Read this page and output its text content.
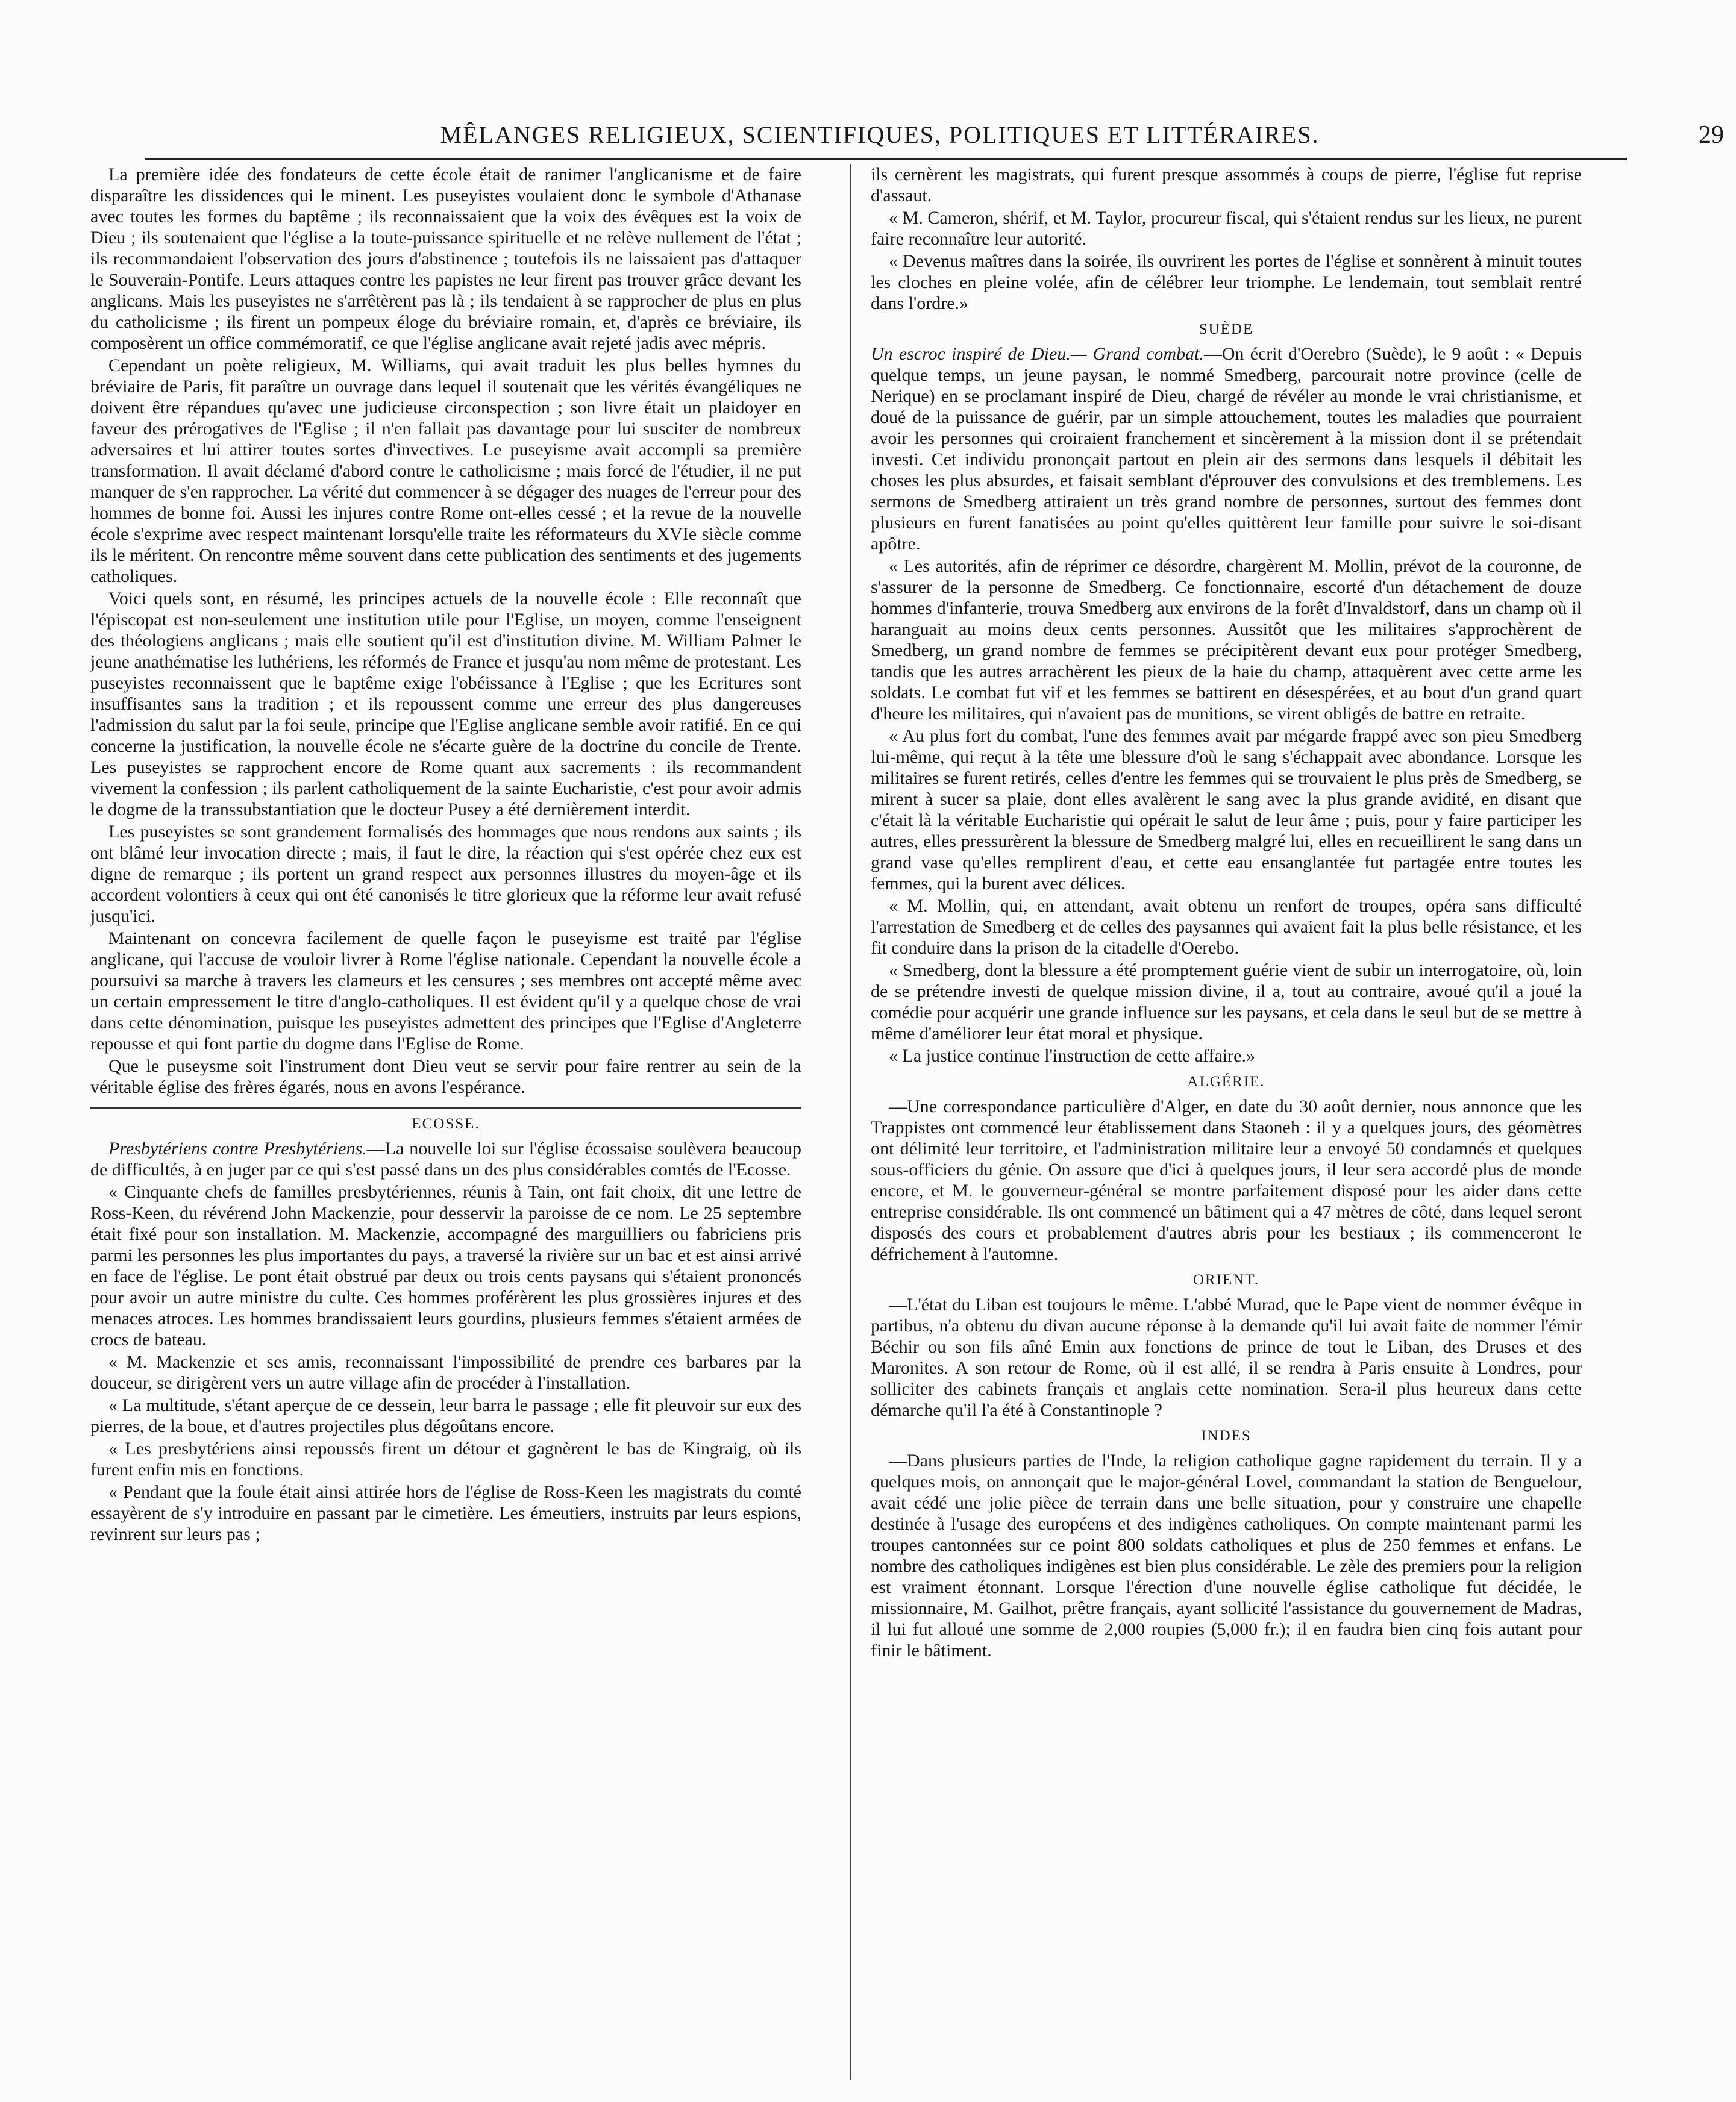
MÊLANGES RELIGIEUX, SCIENTIFIQUES, POLITIQUES ET LITTÉRAIRES.	29

La première idée des fondateurs de cette école était de ranimer l'anglicanisme et de faire disparaître les dissidences qui le minent. Les puseyistes voulaient donc le symbole d'Athanase avec toutes les formes du baptême ; ils reconnaissaient que la voix des évêques est la voix de Dieu ; ils soutenaient que l'église a la toute-puissance spirituelle et ne relève nullement de l'état ; ils recommandaient l'observation des jours d'abstinence ; toutefois ils ne laissaient pas d'attaquer le Souverain-Pontife. Leurs attaques contre les papistes ne leur firent pas trouver grâce devant les anglicans. Mais les puseyistes ne s'arrêtèrent pas là ; ils tendaient à se rapprocher de plus en plus du catholicisme ; ils firent un pompeux éloge du bréviaire romain, et, d'après ce bréviaire, ils composèrent un office commémoratif, ce que l'église anglicane avait rejeté jadis avec mépris.

Cependant un poète religieux, M. Williams, qui avait traduit les plus belles hymnes du bréviaire de Paris, fit paraître un ouvrage dans lequel il soutenait que les vérités évangéliques ne doivent être répandues qu'avec une judicieuse circonspection ; son livre était un plaidoyer en faveur des prérogatives de l'Eglise ; il n'en fallait pas davantage pour lui susciter de nombreux adversaires et lui attirer toutes sortes d'invectives. Le puseyisme avait accompli sa première transformation. Il avait déclamé d'abord contre le catholicisme ; mais forcé de l'étudier, il ne put manquer de s'en rapprocher. La vérité dut commencer à se dégager des nuages de l'erreur pour des hommes de bonne foi. Aussi les injures contre Rome ont-elles cessé ; et la revue de la nouvelle école s'exprime avec respect maintenant lorsqu'elle traite les réformateurs du XVIe siècle comme ils le méritent. On rencontre même souvent dans cette publication des sentiments et des jugements catholiques.

Voici quels sont, en résumé, les principes actuels de la nouvelle école : Elle reconnaît que l'épiscopat est non-seulement une institution utile pour l'Eglise, un moyen, comme l'enseignent des théologiens anglicans ; mais elle soutient qu'il est d'institution divine. M. William Palmer le jeune anathématise les luthériens, les réformés de France et jusqu'au nom même de protestant. Les puseyistes reconnaissent que le baptême exige l'obéissance à l'Eglise ; que les Ecritures sont insuffisantes sans la tradition ; et ils repoussent comme une erreur des plus dangereuses l'admission du salut par la foi seule, principe que l'Eglise anglicane semble avoir ratifié. En ce qui concerne la justification, la nouvelle école ne s'écarte guère de la doctrine du concile de Trente. Les puseyistes se rapprochent encore de Rome quant aux sacrements : ils recommandent vivement la confession ; ils parlent catholiquement de la sainte Eucharistie, c'est pour avoir admis le dogme de la transsubstantiation que le docteur Pusey a été dernièrement interdit.

Les puseyistes se sont grandement formalisés des hommages que nous rendons aux saints ; ils ont blâmé leur invocation directe ; mais, il faut le dire, la réaction qui s'est opérée chez eux est digne de remarque ; ils portent un grand respect aux personnes illustres du moyen-âge et ils accordent volontiers à ceux qui ont été canonisés le titre glorieux que la réforme leur avait refusé jusqu'ici.

Maintenant on concevra facilement de quelle façon le puseyisme est traité par l'église anglicane, qui l'accuse de vouloir livrer à Rome l'église nationale. Cependant la nouvelle école a poursuivi sa marche à travers les clameurs et les censures ; ses membres ont accepté même avec un certain empressement le titre d'anglo-catholiques. Il est évident qu'il y a quelque chose de vrai dans cette dénomination, puisque les puseyistes admettent des principes que l'Eglise d'Angleterre repousse et qui font partie du dogme dans l'Eglise de Rome.

Que le puseysme soit l'instrument dont Dieu veut se servir pour faire rentrer au sein de la véritable église des frères égarés, nous en avons l'espérance.

ECOSSE.

Presbytériens contre Presbytériens.—La nouvelle loi sur l'église écossaise soulèvera beaucoup de difficultés, à en juger par ce qui s'est passé dans un des plus considérables comtés de l'Ecosse.

« Cinquante chefs de familles presbytériennes, réunis à Tain, ont fait choix, dit une lettre de Ross-Keen, du révérend John Mackenzie, pour desservir la paroisse de ce nom. Le 25 septembre était fixé pour son installation. M. Mackenzie, accompagné des marguilliers ou fabriciens pris parmi les personnes les plus importantes du pays, a traversé la rivière sur un bac et est ainsi arrivé en face de l'église. Le pont était obstrué par deux ou trois cents paysans qui s'étaient prononcés pour avoir un autre ministre du culte. Ces hommes proférèrent les plus grossières injures et des menaces atroces. Les hommes brandissaient leurs gourdins, plusieurs femmes s'étaient armées de crocs de bateau.

« M. Mackenzie et ses amis, reconnaissant l'impossibilité de prendre ces barbares par la douceur, se dirigèrent vers un autre village afin de procéder à l'installation.

« La multitude, s'étant aperçue de ce dessein, leur barra le passage ; elle fit pleuvoir sur eux des pierres, de la boue, et d'autres projectiles plus dégoûtans encore.

« Les presbytériens ainsi repoussés firent un détour et gagnèrent le bas de Kingraig, où ils furent enfin mis en fonctions.

« Pendant que la foule était ainsi attirée hors de l'église de Ross-Keen les magistrats du comté essayèrent de s'y introduire en passant par le cimetière. Les émeutiers, instruits par leurs espions, revinrent sur leurs pas ;

ils cernèrent les magistrats, qui furent presque assommés à coups de pierre, l'église fut reprise d'assaut.

« M. Cameron, shérif, et M. Taylor, procureur fiscal, qui s'étaient rendus sur les lieux, ne purent faire reconnaître leur autorité.

« Devenus maîtres dans la soirée, ils ouvrirent les portes de l'église et sonnèrent à minuit toutes les cloches en pleine volée, afin de célébrer leur triomphe. Le lendemain, tout semblait rentré dans l'ordre.»

SUÈDE

Un escroc inspiré de Dieu.— Grand combat.—On écrit d'Oerebro (Suède), le 9 août : « Depuis quelque temps, un jeune paysan, le nommé Smedberg, parcourait notre province (celle de Nerique) en se proclamant inspiré de Dieu, chargé de révéler au monde le vrai christianisme, et doué de la puissance de guérir, par un simple attouchement, toutes les maladies que pourraient avoir les personnes qui croiraient franchement et sincèrement à la mission dont il se prétendait investi. Cet individu prononçait partout en plein air des sermons dans lesquels il débitait les choses les plus absurdes, et faisait semblant d'éprouver des convulsions et des tremblemens. Les sermons de Smedberg attiraient un très grand nombre de personnes, surtout des femmes dont plusieurs en furent fanatisées au point qu'elles quittèrent leur famille pour suivre le soi-disant apôtre.

« Les autorités, afin de réprimer ce désordre, chargèrent M. Mollin, prévot de la couronne, de s'assurer de la personne de Smedberg. Ce fonctionnaire, escorté d'un détachement de douze hommes d'infanterie, trouva Smedberg aux environs de la forêt d'Invaldstorf, dans un champ où il haranguait au moins deux cents personnes. Aussitôt que les militaires s'approchèrent de Smedberg, un grand nombre de femmes se précipitèrent devant eux pour protéger Smedberg, tandis que les autres arrachèrent les pieux de la haie du champ, attaquèrent avec cette arme les soldats. Le combat fut vif et les femmes se battirent en désespérées, et au bout d'un grand quart d'heure les militaires, qui n'avaient pas de munitions, se virent obligés de battre en retraite.

« Au plus fort du combat, l'une des femmes avait par mégarde frappé avec son pieu Smedberg lui-même, qui reçut à la tête une blessure d'où le sang s'échappait avec abondance. Lorsque les militaires se furent retirés, celles d'entre les femmes qui se trouvaient le plus près de Smedberg, se mirent à sucer sa plaie, dont elles avalèrent le sang avec la plus grande avidité, en disant que c'était là la véritable Eucharistie qui opérait le salut de leur âme ; puis, pour y faire participer les autres, elles pressurèrent la blessure de Smedberg malgré lui, elles en recueillirent le sang dans un grand vase qu'elles remplirent d'eau, et cette eau ensanglantée fut partagée entre toutes les femmes, qui la burent avec délices.

« M. Mollin, qui, en attendant, avait obtenu un renfort de troupes, opéra sans difficulté l'arrestation de Smedberg et de celles des paysannes qui avaient fait la plus belle résistance, et les fit conduire dans la prison de la citadelle d'Oerebo.

« Smedberg, dont la blessure a été promptement guérie vient de subir un interrogatoire, où, loin de se prétendre investi de quelque mission divine, il a, tout au contraire, avoué qu'il a joué la comédie pour acquérir une grande influence sur les paysans, et cela dans le seul but de se mettre à même d'améliorer leur état moral et physique.

« La justice continue l'instruction de cette affaire.»

ALGÉRIE.

—Une correspondance particulière d'Alger, en date du 30 août dernier, nous annonce que les Trappistes ont commencé leur établissement dans Staoneh : il y a quelques jours, des géomètres ont délimité leur territoire, et l'administration militaire leur a envoyé 50 condamnés et quelques sous-officiers du génie. On assure que d'ici à quelques jours, il leur sera accordé plus de monde encore, et M. le gouverneur-général se montre parfaitement disposé pour les aider dans cette entreprise considérable. Ils ont commencé un bâtiment qui a 47 mètres de côté, dans lequel seront disposés des cours et probablement d'autres abris pour les bestiaux ; ils commenceront le défrichement à l'automne.

ORIENT.

—L'état du Liban est toujours le même. L'abbé Murad, que le Pape vient de nommer évêque in partibus, n'a obtenu du divan aucune réponse à la demande qu'il lui avait faite de nommer l'émir Béchir ou son fils aîné Emin aux fonctions de prince de tout le Liban, des Druses et des Maronites. A son retour de Rome, où il est allé, il se rendra à Paris ensuite à Londres, pour solliciter des cabinets français et anglais cette nomination. Sera-il plus heureux dans cette démarche qu'il l'a été à Constantinople ?

INDES

—Dans plusieurs parties de l'Inde, la religion catholique gagne rapidement du terrain. Il y a quelques mois, on annonçait que le major-général Lovel, commandant la station de Benguelour, avait cédé une jolie pièce de terrain dans une belle situation, pour y construire une chapelle destinée à l'usage des européens et des indigènes catholiques. On compte maintenant parmi les troupes cantonnées sur ce point 800 soldats catholiques et plus de 250 femmes et enfans. Le nombre des catholiques indigènes est bien plus considérable. Le zèle des premiers pour la religion est vraiment étonnant. Lorsque l'érection d'une nouvelle église catholique fut décidée, le missionnaire, M. Gailhot, prêtre français, ayant sollicité l'assistance du gouvernement de Madras, il lui fut alloué une somme de 2,000 roupies (5,000 fr.); il en faudra bien cinq fois autant pour finir le bâtiment.
